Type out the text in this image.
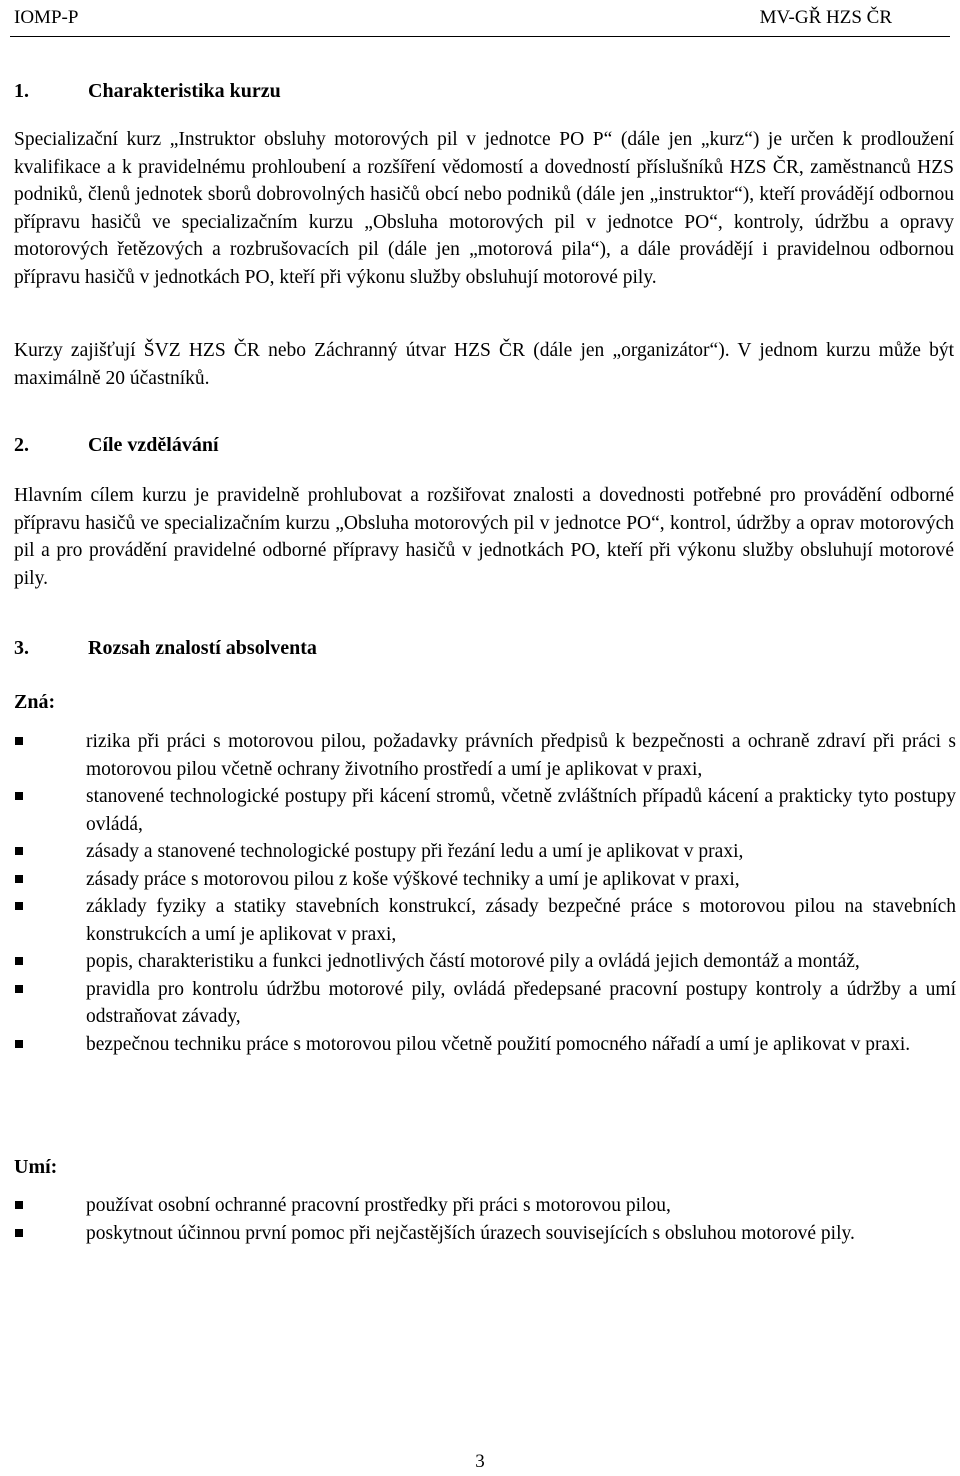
IOMP-P	MV-GŘ HZS ČR
1.	Charakteristika kurzu

Specializační kurz „Instruktor obsluhy motorových pil v jednotce PO P“ (dále jen „kurz“) je určen k prodloužení kvalifikace a k pravidelnému prohloubení a rozšíření vědomostí a dovedností příslušníků HZS ČR, zaměstnanců HZS podniků, členů jednotek sborů dobrovolných hasičů obcí nebo podniků (dále jen „instruktor“), kteří provádějí odbornou přípravu hasičů ve specializačním kurzu „Obsluha motorových pil v jednotce PO“, kontroly, údržbu a opravy motorových řetězových a rozbrušovacích pil (dále jen „motorová pila“), a dále provádějí i pravidelnou odbornou přípravu hasičů v jednotkách PO, kteří při výkonu služby obsluhují motorové pily.

Kurzy zajišťují ŠVZ HZS ČR nebo Záchranný útvar HZS ČR (dále jen „organizátor“). V jednom kurzu může být maximálně 20 účastníků.

2.	Cíle vzdělávání

Hlavním cílem kurzu je pravidelně prohlubovat a rozšiřovat znalosti a dovednosti potřebné pro provádění odborné přípravu hasičů ve specializačním kurzu „Obsluha motorových pil v jednotce PO“, kontrol, údržby a oprav motorových pil a pro provádění pravidelné odborné přípravy hasičů v jednotkách PO, kteří při výkonu služby obsluhují motorové pily.

3.	Rozsah znalostí absolventa
Zná:
rizika při práci s motorovou pilou, požadavky právních předpisů k bezpečnosti a ochraně zdraví při práci s motorovou pilou včetně ochrany životního prostředí a umí je aplikovat v praxi,
stanovené technologické postupy při kácení stromů, včetně zvláštních případů kácení a prakticky tyto postupy ovládá,
zásady a stanovené technologické postupy při řezání ledu a umí je aplikovat v praxi,
zásady práce s motorovou pilou z koše výškové techniky a umí je aplikovat v praxi,
základy fyziky a statiky stavebních konstrukcí, zásady bezpečné práce s motorovou pilou na stavebních konstrukcích a umí je aplikovat v praxi,
popis, charakteristiku a funkci jednotlivých částí motorové pily a ovládá jejich demontáž a montáž,
pravidla pro kontrolu údržbu motorové pily, ovládá předepsané pracovní postupy kontroly a údržby a umí odstraňovat závady,
bezpečnou techniku práce s motorovou pilou včetně použití pomocného nářadí a umí je aplikovat v praxi.
Umí:
používat osobní ochranné pracovní prostředky při práci s motorovou pilou,
poskytnout účinnou první pomoc při nejčastějších úrazech souvisejících s obsluhou motorové pily.
3
